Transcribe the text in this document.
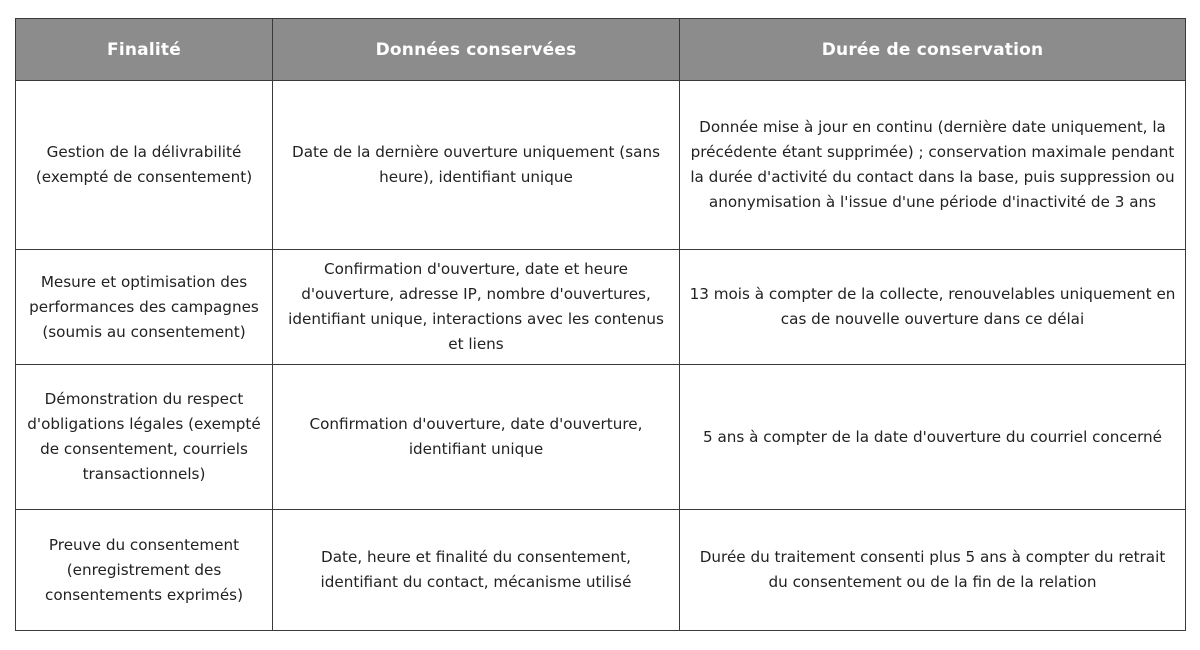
Finalité	Données conservées	Durée de conservation
Gestion de la délivrabilité (exempté de consentement)	Date de la dernière ouverture uniquement (sans heure), identifiant unique	Donnée mise à jour en continu (dernière date uniquement, la précédente étant supprimée) ; conservation maximale pendant la durée d'activité du contact dans la base, puis suppression ou anonymisation à l'issue d'une période d'inactivité de 3 ans
Mesure et optimisation des performances des campagnes (soumis au consentement)	Confirmation d'ouverture, date et heure d'ouverture, adresse IP, nombre d'ouvertures, identifiant unique, interactions avec les contenus et liens	13 mois à compter de la collecte, renouvelables uniquement en cas de nouvelle ouverture dans ce délai
Démonstration du respect d'obligations légales (exempté de consentement, courriels transactionnels)	Confirmation d'ouverture, date d'ouverture, identifiant unique	5 ans à compter de la date d'ouverture du courriel concerné
Preuve du consentement (enregistrement des consentements exprimés)	Date, heure et finalité du consentement, identifiant du contact, mécanisme utilisé	Durée du traitement consenti plus 5 ans à compter du retrait du consentement ou de la fin de la relation
